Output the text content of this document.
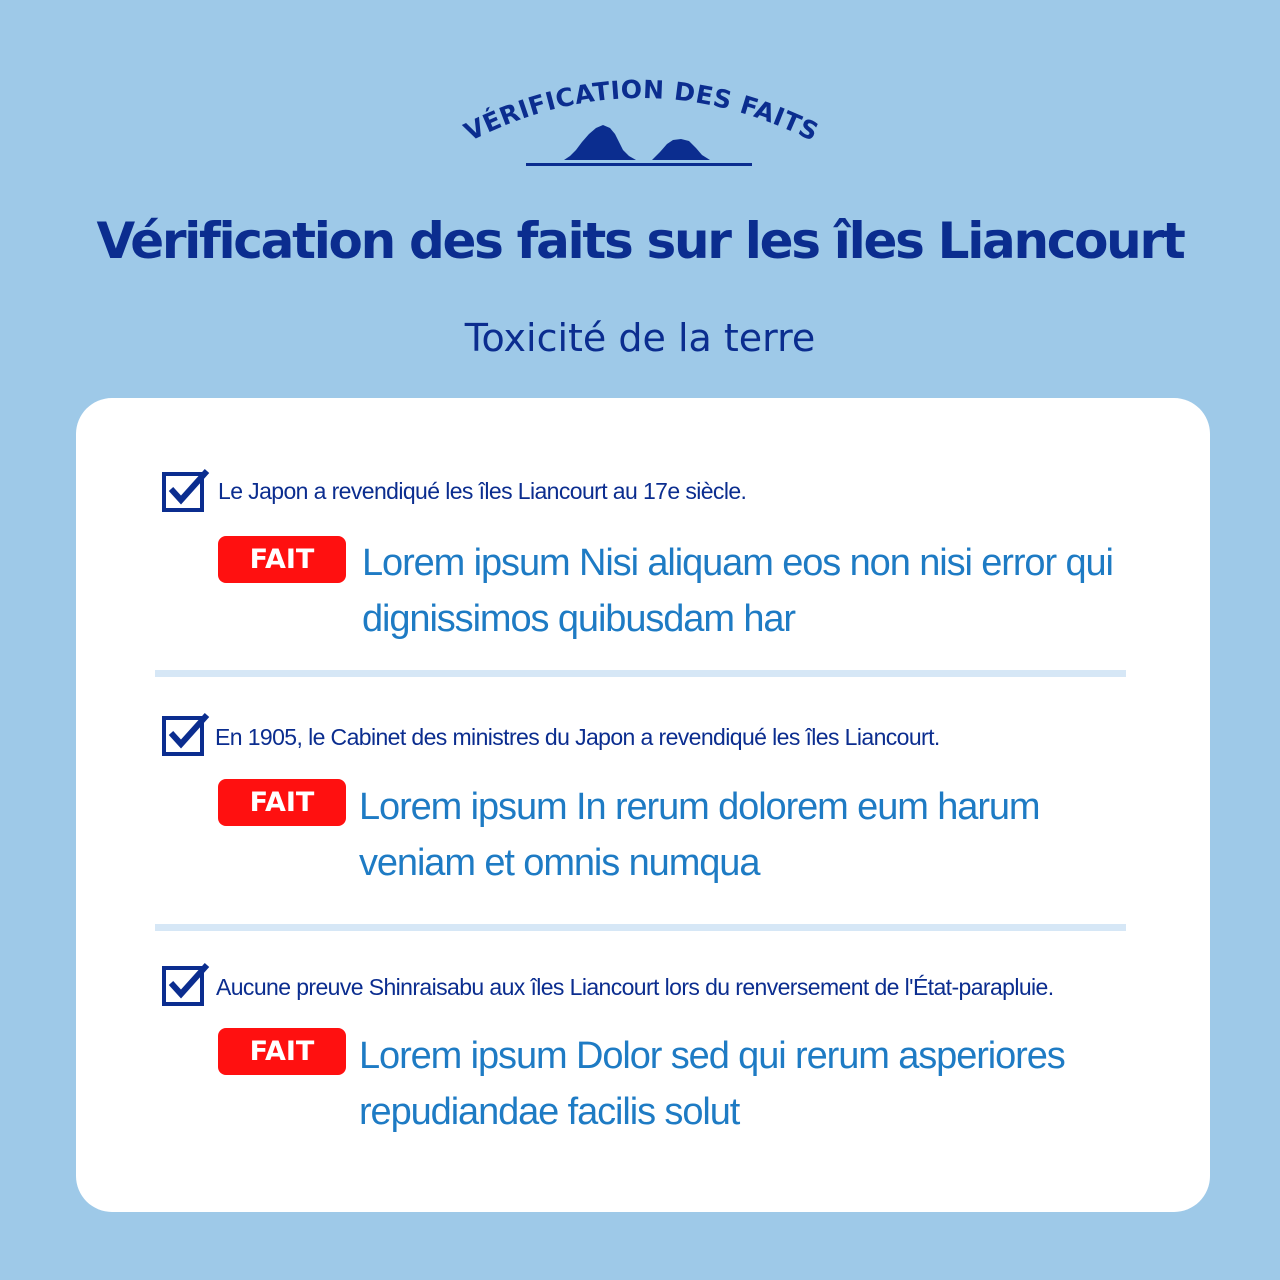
VÉRIFICATION DES FAITS
Vérification des faits sur les îles Liancourt
Toxicité de la terre
Le Japon a revendiqué les îles Liancourt au 17e siècle.
FAIT	Lorem ipsum Nisi aliquam eos non nisi error qui
dignissimos quibusdam har
En 1905, le Cabinet des ministres du Japon a revendiqué les îles Liancourt.
FAIT	Lorem ipsum In rerum dolorem eum harum
veniam et omnis numqua
Aucune preuve Shinraisabu aux îles Liancourt lors du renversement de l'État-parapluie.
FAIT	Lorem ipsum Dolor sed qui rerum asperiores
repudiandae facilis solut
